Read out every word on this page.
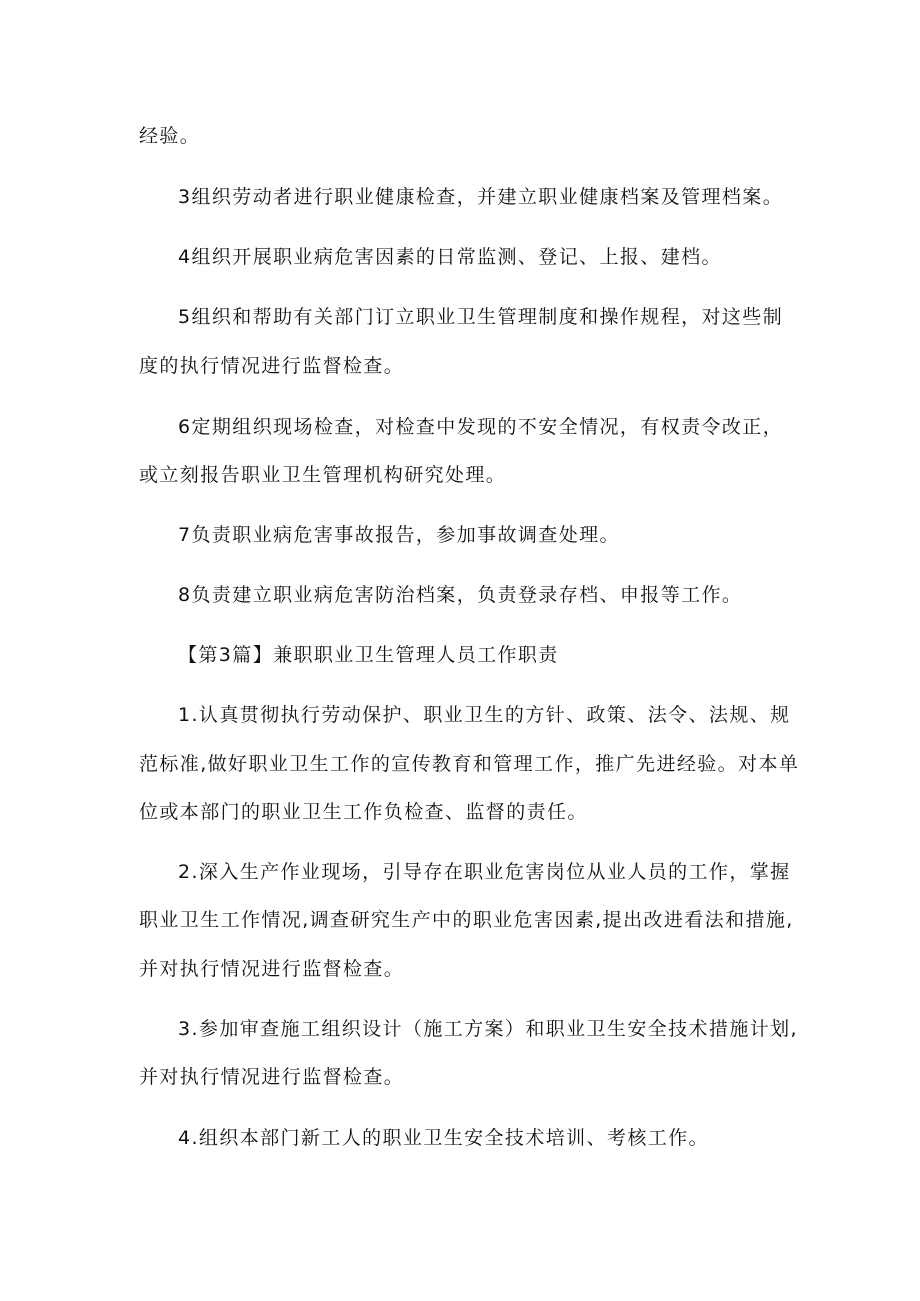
经验。
3组织劳动者进行职业健康检查，并建立职业健康档案及管理档案。
4组织开展职业病危害因素的日常监测、登记、上报、建档。
5组织和帮助有关部门订立职业卫生管理制度和操作规程，对这些制
度的执行情况进行监督检查。
6定期组织现场检查，对检查中发现的不安全情况，有权责令改正，
或立刻报告职业卫生管理机构研究处理。
7负责职业病危害事故报告，参加事故调查处理。
8负责建立职业病危害防治档案，负责登录存档、申报等工作。
【第3篇】兼职职业卫生管理人员工作职责
1.认真贯彻执行劳动保护、职业卫生的方针、政策、法令、法规、规
范标准,做好职业卫生工作的宣传教育和管理工作，推广先进经验。对本单
位或本部门的职业卫生工作负检查、监督的责任。
2.深入生产作业现场，引导存在职业危害岗位从业人员的工作，掌握
职业卫生工作情况,调查研究生产中的职业危害因素,提出改进看法和措施,
并对执行情况进行监督检查。
3.参加审查施工组织设计（施工方案）和职业卫生安全技术措施计划,
并对执行情况进行监督检查。
4.组织本部门新工人的职业卫生安全技术培训、考核工作。
